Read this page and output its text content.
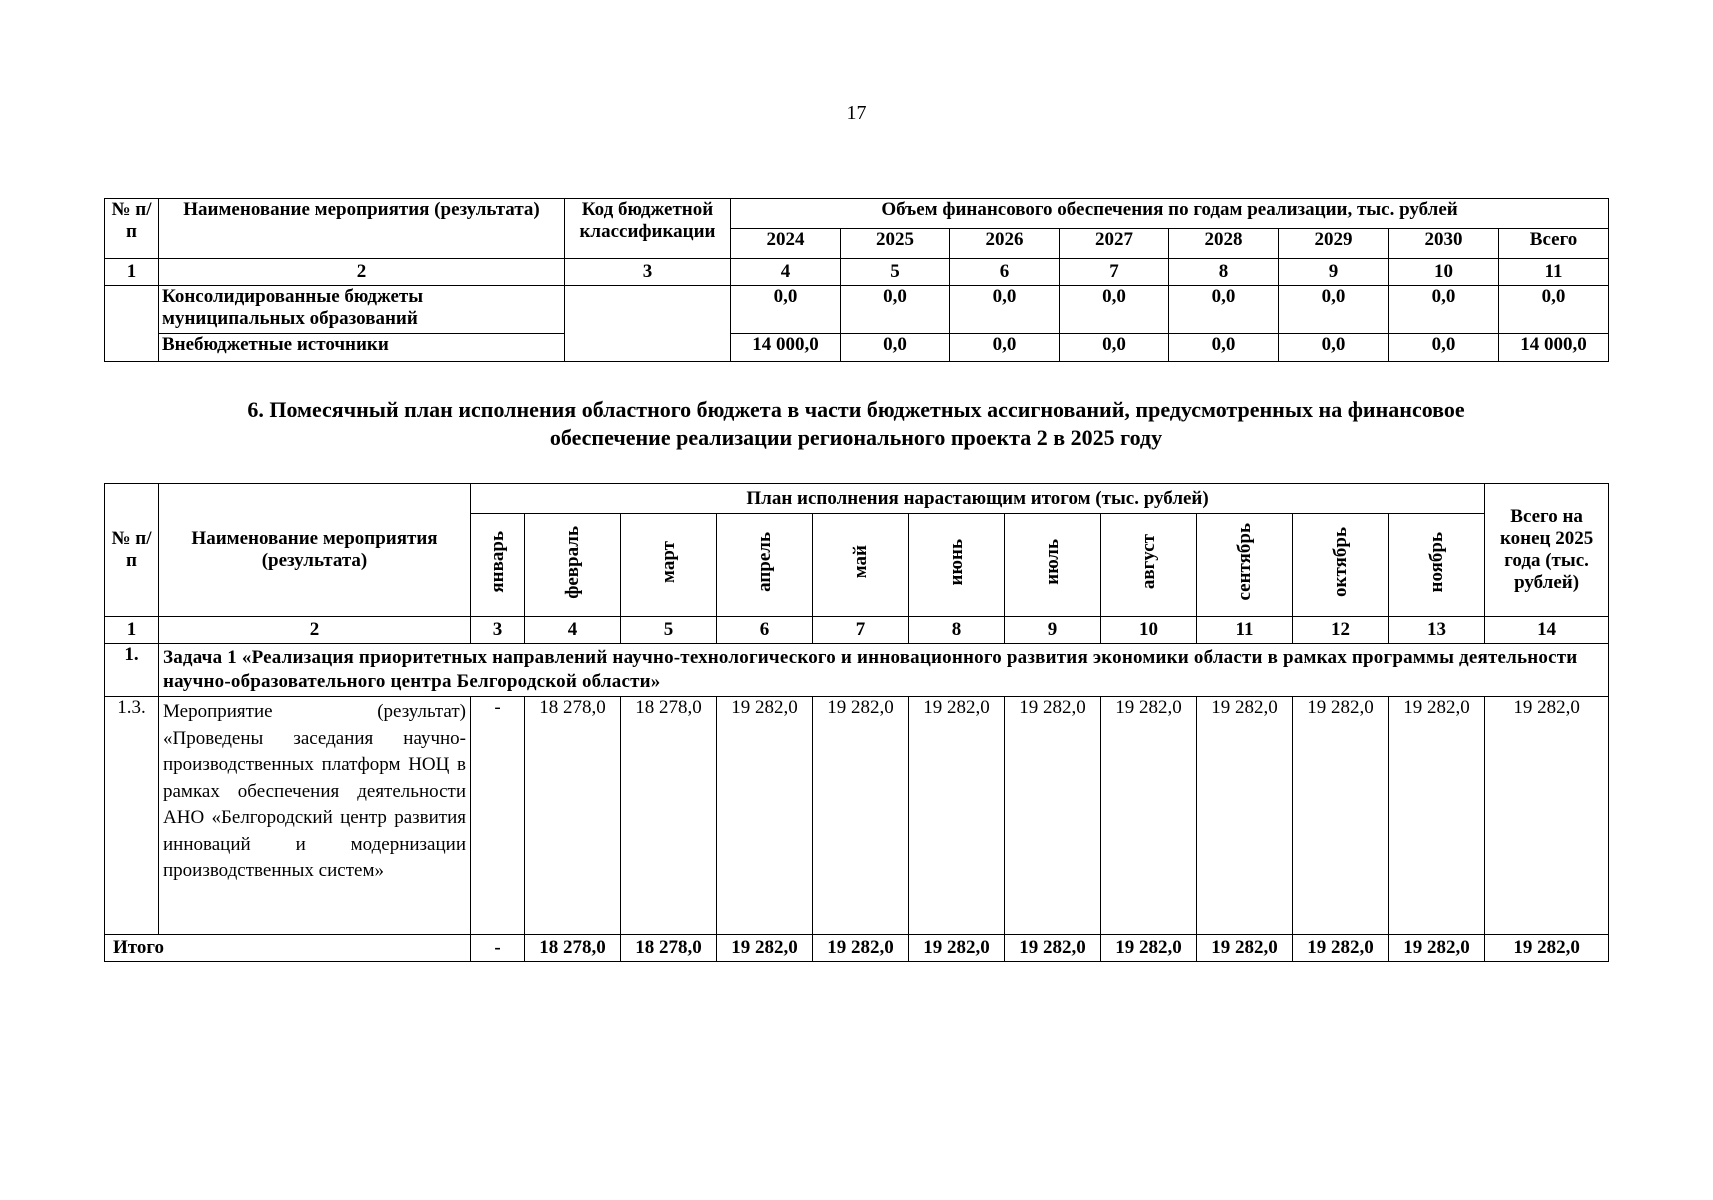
17
№ п/п	Наименование мероприятия (результата)	Код бюджетной классификации	Объем финансового обеспечения по годам реализации, тыс. рублей							
			2024	2025	2026	2027	2028	2029	2030	Всего
1	2	3	4	5	6	7	8	9	10	11
	Консолидированные бюджеты муниципальных образований		0,0	0,0	0,0	0,0	0,0	0,0	0,0	0,0
	Внебюджетные источники		14 000,0	0,0	0,0	0,0	0,0	0,0	0,0	14 000,0
6. Помесячный план исполнения областного бюджета в части бюджетных ассигнований, предусмотренных на финансовое
обеспечение реализации регионального проекта 2 в 2025 году
№ п/п	Наименование мероприятия (результата)	План исполнения нарастающим итогом (тыс. рублей)											Всего на конец 2025 года (тыс. рублей)
		январь	февраль	март	апрель	май	июнь	июль	август	сентябрь	октябрь	ноябрь	
1	2	3	4	5	6	7	8	9	10	11	12	13	14
1.	Задача 1 «Реализация приоритетных направлений научно-технологического и инновационного развития экономики области в рамках программы деятельности научно-образовательного центра Белгородской области»												
1.3.	Мероприятие (результат) «Проведены заседания научно-производственных платформ НОЦ в рамках обеспечения деятельности АНО «Белгородский центр развития инноваций и модернизации производственных систем»	-	18 278,0	18 278,0	19 282,0	19 282,0	19 282,0	19 282,0	19 282,0	19 282,0	19 282,0	19 282,0	19 282,0
Итого		-	18 278,0	18 278,0	19 282,0	19 282,0	19 282,0	19 282,0	19 282,0	19 282,0	19 282,0	19 282,0	19 282,0
